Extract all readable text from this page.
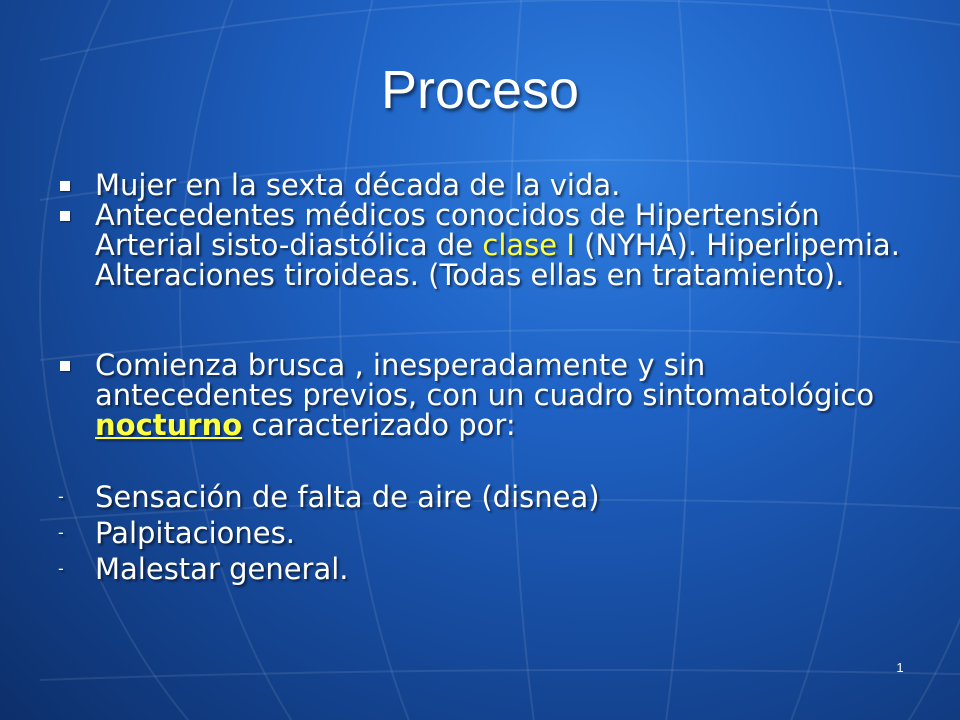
Proceso
Mujer en la sexta década de la vida.
Antecedentes médicos conocidos de Hipertensión Arterial sisto-diastólica de clase I (NYHA). Hiperlipemia. Alteraciones tiroideas. (Todas ellas en tratamiento).
Comienza brusca , inesperadamente y sin antecedentes previos, con un cuadro sintomatológico nocturno caracterizado por:
- Sensación de falta de aire (disnea)
- Palpitaciones.
- Malestar general.
1
